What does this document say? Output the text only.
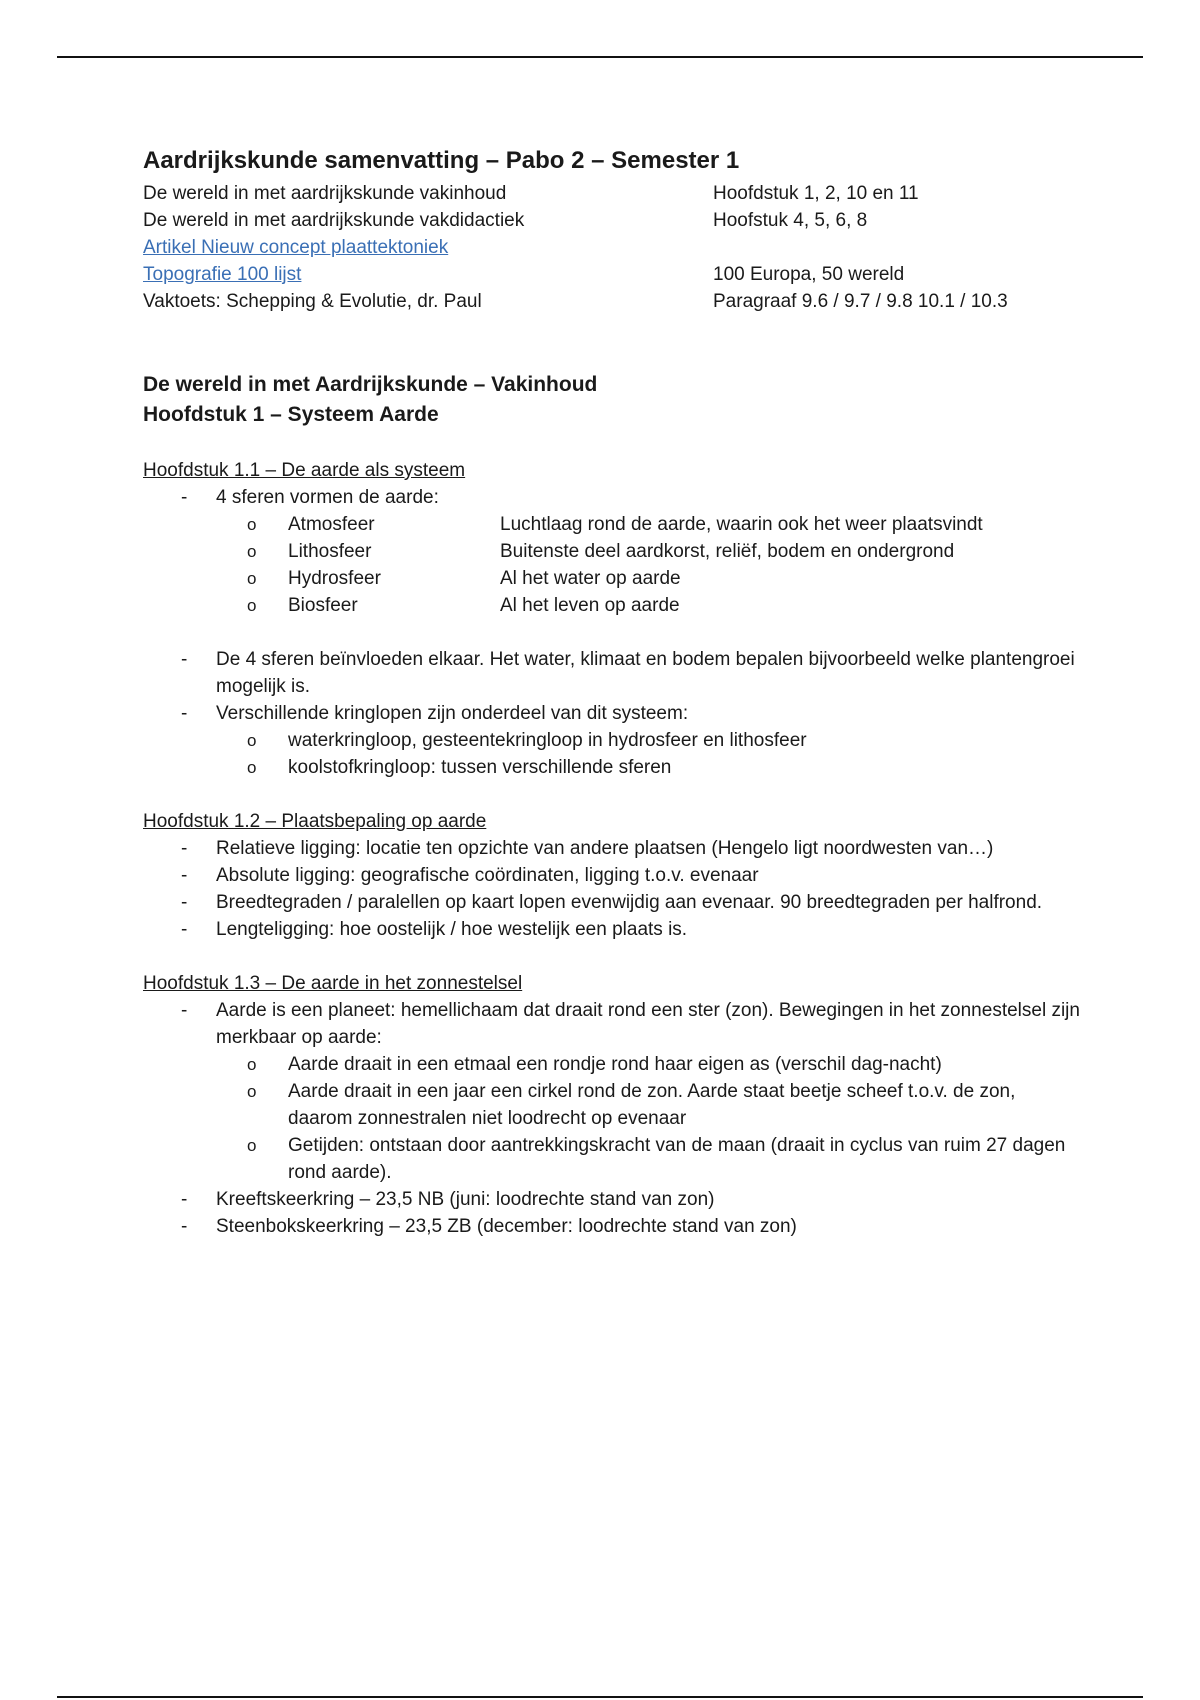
Aardrijkskunde samenvatting – Pabo 2 – Semester 1
De wereld in met aardrijkskunde vakinhoud	Hoofdstuk 1, 2, 10 en 11
De wereld in met aardrijkskunde vakdidactiek	Hoofstuk 4, 5, 6, 8
Artikel Nieuw concept plaattektoniek
Topografie 100 lijst	100 Europa, 50 wereld
Vaktoets: Schepping & Evolutie, dr. Paul	Paragraaf 9.6 / 9.7 / 9.8 10.1 / 10.3
De wereld in met Aardrijkskunde – Vakinhoud
Hoofdstuk 1 – Systeem Aarde

Hoofdstuk 1.1 – De aarde als systeem

- 4 sferen vormen de aarde:
o Atmosfeer	Luchtlaag rond de aarde, waarin ook het weer plaatsvindt
o Lithosfeer	Buitenste deel aardkorst, reliëf, bodem en ondergrond
o Hydrosfeer	Al het water op aarde
o Biosfeer	Al het leven op aarde
- De 4 sferen beïnvloeden elkaar. Het water, klimaat en bodem bepalen bijvoorbeeld welke plantengroei mogelijk is.
- Verschillende kringlopen zijn onderdeel van dit systeem:
o waterkringloop, gesteentekringloop in hydrosfeer en lithosfeer
o koolstofkringloop: tussen verschillende sferen

Hoofdstuk 1.2 – Plaatsbepaling op aarde

- Relatieve ligging: locatie ten opzichte van andere plaatsen (Hengelo ligt noordwesten van…)
- Absolute ligging: geografische coördinaten, ligging t.o.v. evenaar
- Breedtegraden / paralellen op kaart lopen evenwijdig aan evenaar. 90 breedtegraden per halfrond.
- Lengteligging: hoe oostelijk / hoe westelijk een plaats is.

Hoofdstuk 1.3 – De aarde in het zonnestelsel

- Aarde is een planeet: hemellichaam dat draait rond een ster (zon). Bewegingen in het zonnestelsel zijn merkbaar op aarde:
o Aarde draait in een etmaal een rondje rond haar eigen as (verschil dag-nacht)
o Aarde draait in een jaar een cirkel rond de zon. Aarde staat beetje scheef t.o.v. de zon, daarom zonnestralen niet loodrecht op evenaar
o Getijden: ontstaan door aantrekkingskracht van de maan (draait in cyclus van ruim 27 dagen rond aarde).
- Kreeftskeerkring – 23,5 NB (juni: loodrechte stand van zon)
- Steenbokskeerkring – 23,5 ZB (december: loodrechte stand van zon)
